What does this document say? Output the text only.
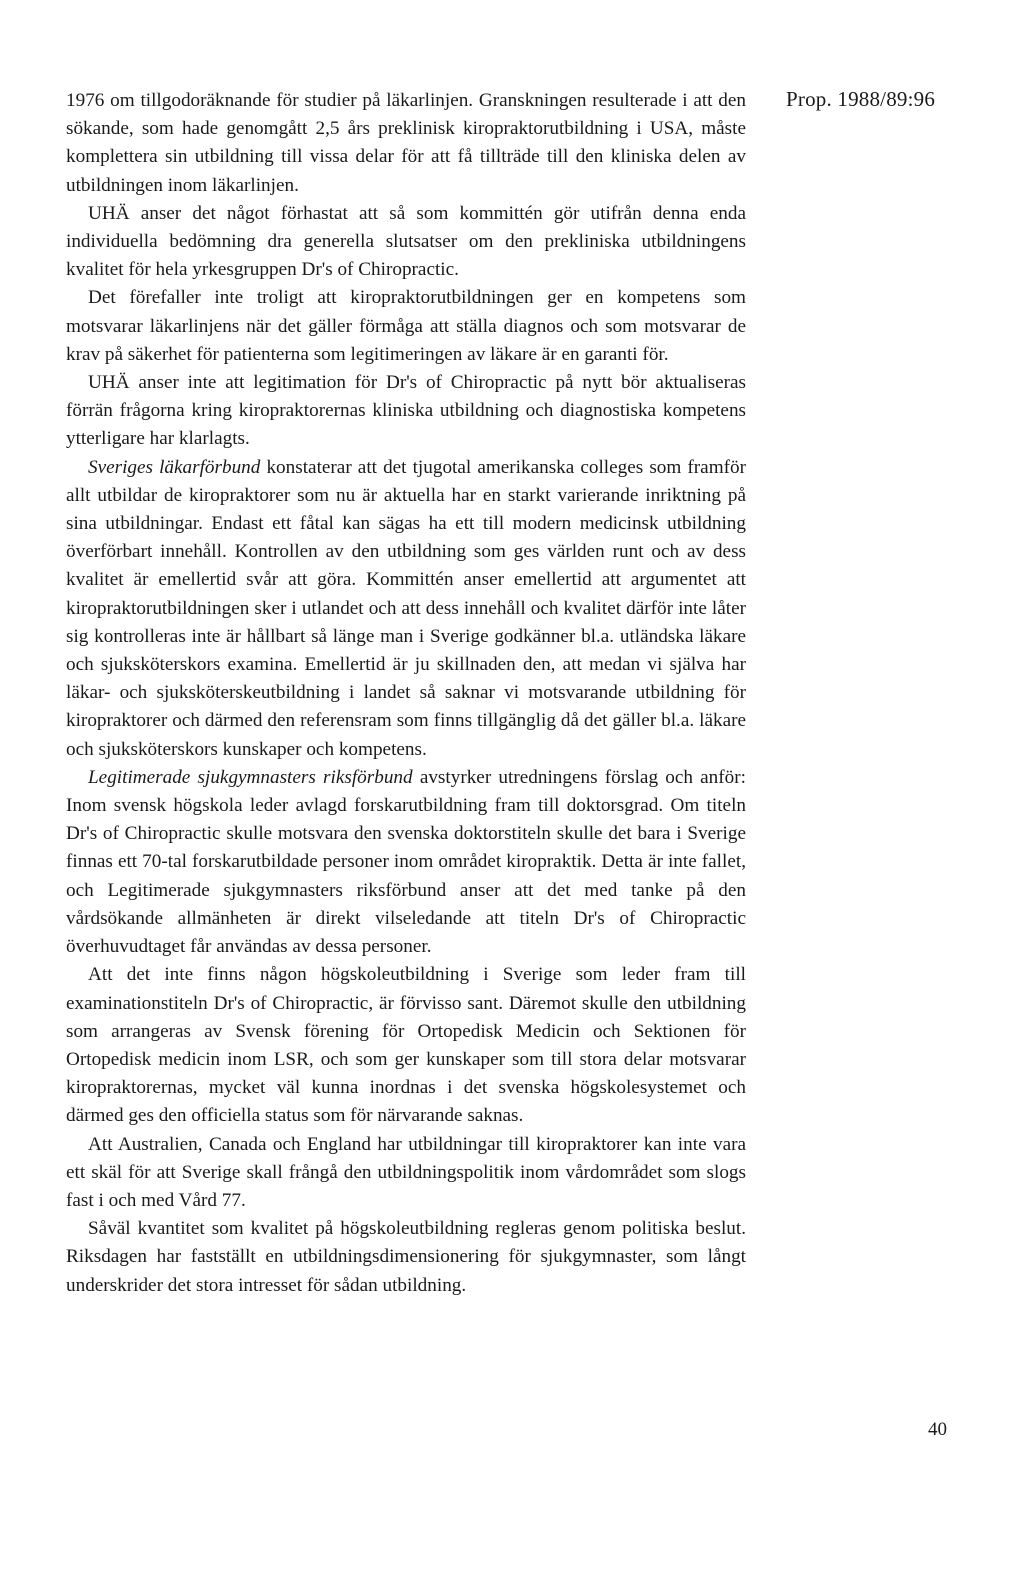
Prop. 1988/89:96

1976 om tillgodoräknande för studier på läkarlinjen. Granskningen resulterade i att den sökande, som hade genomgått 2,5 års preklinisk kiropraktorutbildning i USA, måste komplettera sin utbildning till vissa delar för att få tillträde till den kliniska delen av utbildningen inom läkarlinjen.

UHÄ anser det något förhastat att så som kommittén gör utifrån denna enda individuella bedömning dra generella slutsatser om den prekliniska utbildningens kvalitet för hela yrkesgruppen Dr's of Chiropractic.

Det förefaller inte troligt att kiropraktorutbildningen ger en kompetens som motsvarar läkarlinjens när det gäller förmåga att ställa diagnos och som motsvarar de krav på säkerhet för patienterna som legitimeringen av läkare är en garanti för.

UHÄ anser inte att legitimation för Dr's of Chiropractic på nytt bör aktualiseras förrän frågorna kring kiropraktorernas kliniska utbildning och diagnostiska kompetens ytterligare har klarlagts.

Sveriges läkarförbund konstaterar att det tjugotal amerikanska colleges som framför allt utbildar de kiropraktorer som nu är aktuella har en starkt varierande inriktning på sina utbildningar. Endast ett fåtal kan sägas ha ett till modern medicinsk utbildning överförbart innehåll. Kontrollen av den utbildning som ges världen runt och av dess kvalitet är emellertid svår att göra. Kommittén anser emellertid att argumentet att kiropraktorutbildningen sker i utlandet och att dess innehåll och kvalitet därför inte låter sig kontrolleras inte är hållbart så länge man i Sverige godkänner bl.a. utländska läkare och sjuksköterskors examina. Emellertid är ju skillnaden den, att medan vi själva har läkar- och sjuksköterskeutbildning i landet så saknar vi motsvarande utbildning för kiropraktorer och därmed den referensram som finns tillgänglig då det gäller bl.a. läkare och sjuksköterskors kunskaper och kompetens.

Legitimerade sjukgymnasters riksförbund avstyrker utredningens förslag och anför: Inom svensk högskola leder avlagd forskarutbildning fram till doktorsgrad. Om titeln Dr's of Chiropractic skulle motsvara den svenska doktorstiteln skulle det bara i Sverige finnas ett 70-tal forskarutbildade personer inom området kiropraktik. Detta är inte fallet, och Legitimerade sjukgymnasters riksförbund anser att det med tanke på den vårdsökande allmänheten är direkt vilseledande att titeln Dr's of Chiropractic överhuvudtaget får användas av dessa personer.

Att det inte finns någon högskoleutbildning i Sverige som leder fram till examinationstiteln Dr's of Chiropractic, är förvisso sant. Däremot skulle den utbildning som arrangeras av Svensk förening för Ortopedisk Medicin och Sektionen för Ortopedisk medicin inom LSR, och som ger kunskaper som till stora delar motsvarar kiropraktorernas, mycket väl kunna inordnas i det svenska högskolesystemet och därmed ges den officiella status som för närvarande saknas.

Att Australien, Canada och England har utbildningar till kiropraktorer kan inte vara ett skäl för att Sverige skall frångå den utbildningspolitik inom vårdområdet som slogs fast i och med Vård 77.

Såväl kvantitet som kvalitet på högskoleutbildning regleras genom politiska beslut. Riksdagen har fastställt en utbildningsdimensionering för sjukgymnaster, som långt underskrider det stora intresset för sådan utbildning.

40
